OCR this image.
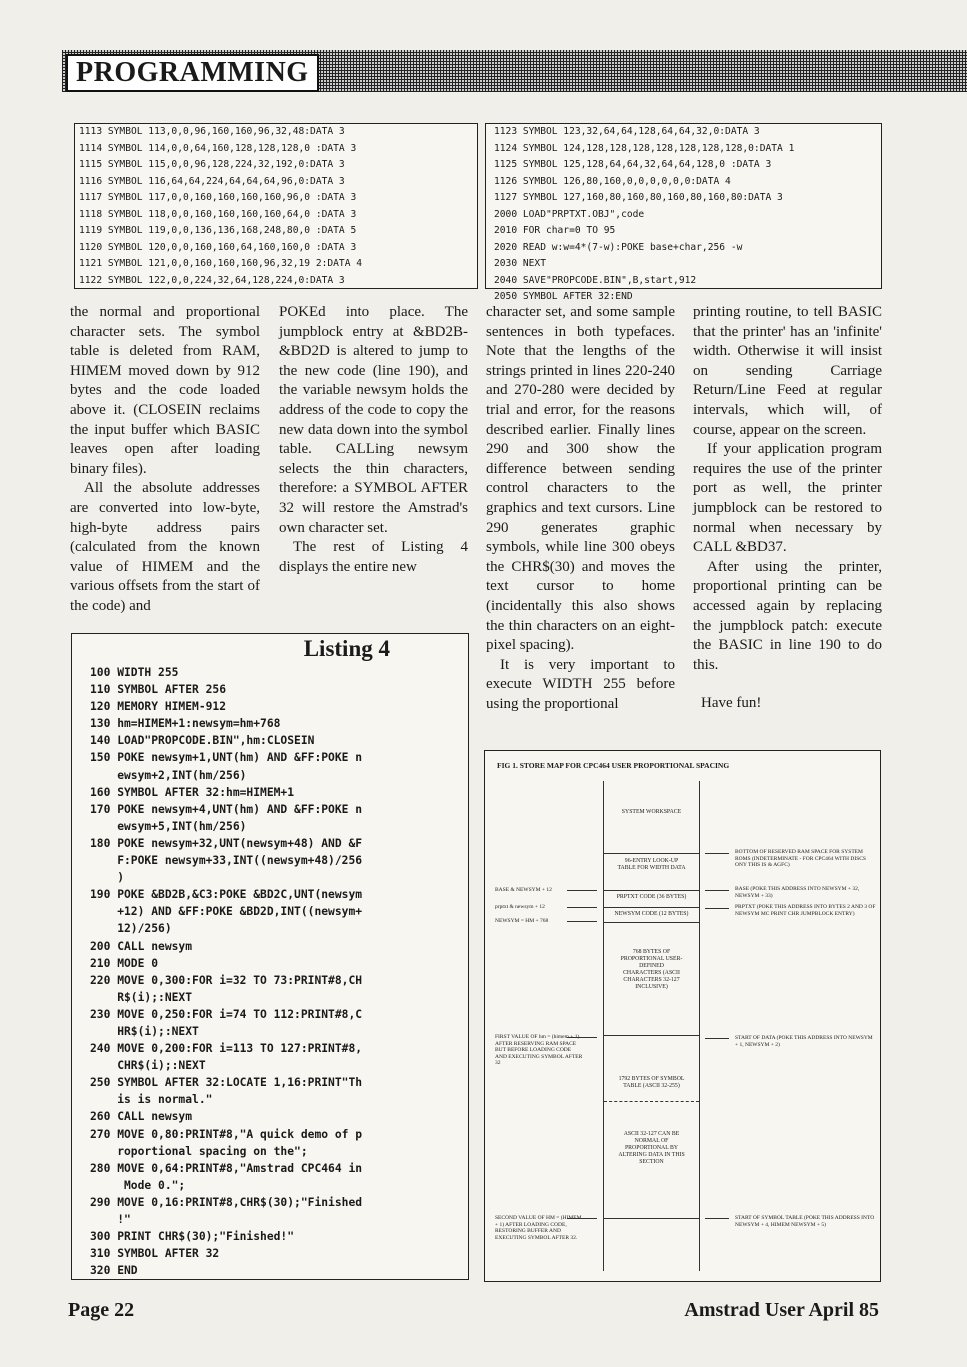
PROGRAMMING
1113 SYMBOL 113,0,0,96,160,160,96,32,48:DATA 3
1114 SYMBOL 114,0,0,64,160,128,128,128,0 :DATA 3
1115 SYMBOL 115,0,0,96,128,224,32,192,0:DATA 3
1116 SYMBOL 116,64,64,224,64,64,64,96,0:DATA 3
1117 SYMBOL 117,0,0,160,160,160,160,96,0 :DATA 3
1118 SYMBOL 118,0,0,160,160,160,160,64,0 :DATA 3
1119 SYMBOL 119,0,0,136,136,168,248,80,0 :DATA 5
1120 SYMBOL 120,0,0,160,160,64,160,160,0 :DATA 3
1121 SYMBOL 121,0,0,160,160,160,96,32,19 2:DATA 4
1122 SYMBOL 122,0,0,224,32,64,128,224,0:DATA 3
1123 SYMBOL 123,32,64,64,128,64,64,32,0:DATA 3
1124 SYMBOL 124,128,128,128,128,128,128,128,0:DATA 1
1125 SYMBOL 125,128,64,64,32,64,64,128,0 :DATA 3
1126 SYMBOL 126,80,160,0,0,0,0,0,0:DATA 4
1127 SYMBOL 127,160,80,160,80,160,80,160,80:DATA 3
2000 LOAD"PRPTXT.OBJ",code
2010 FOR char=0 TO 95
2020 READ w:w=4*(7-w):POKE base+char,256 -w
2030 NEXT
2040 SAVE"PROPCODE.BIN",B,start,912
2050 SYMBOL AFTER 32:END

the normal and proportional character sets. The symbol table is deleted from RAM, HIMEM moved down by 912 bytes and the code loaded above it. (CLOSEIN reclaims the input buffer which BASIC leaves open after loading binary files).

All the absolute addresses are converted into low-byte, high-byte address pairs (calculated from the known value of HIMEM and the various offsets from the start of the code) and

POKEd into place. The jumpblock entry at &BD2B-&BD2D is altered to jump to the new code (line 190), and the variable newsym holds the address of the code to copy the new data down into the symbol table. CALLing newsym selects the thin characters, therefore: a SYMBOL AFTER 32 will restore the Amstrad's own character set.

The rest of Listing 4 displays the entire new

character set, and some sample sentences in both typefaces. Note that the lengths of the strings printed in lines 220-240 and 270-280 were decided by trial and error, for the reasons described earlier. Finally lines 290 and 300 show the difference between sending control characters to the graphics and text cursors. Line 290 generates graphic symbols, while line 300 obeys the CHR$(30) and moves the text cursor to home (incidentally this also shows the thin characters on an eight-pixel spacing).

It is very important to execute WIDTH 255 before using the proportional

printing routine, to tell BASIC that the printer' has an 'infinite' width. Otherwise it will insist on sending Carriage Return/Line Feed at regular intervals, which will, of course, appear on the screen.

If your application program requires the use of the printer port as well, the printer jumpblock can be restored to normal when necessary by CALL &BD37.

After using the printer, proportional printing can be accessed again by replacing the jumpblock patch: execute the BASIC in line 190 to do this.

Have fun!

Listing 4
100 WIDTH 255
110 SYMBOL AFTER 256
120 MEMORY HIMEM-912
130 hm=HIMEM+1:newsym=hm+768
140 LOAD"PROPCODE.BIN",hm:CLOSEIN
150 POKE newsym+1,UNT(hm) AND &FF:POKE n
ewsym+2,INT(hm/256)
160 SYMBOL AFTER 32:hm=HIMEM+1
170 POKE newsym+4,UNT(hm) AND &FF:POKE n
ewsym+5,INT(hm/256)
180 POKE newsym+32,UNT(newsym+48) AND &F
F:POKE newsym+33,INT((newsym+48)/256
)
190 POKE &BD2B,&C3:POKE &BD2C,UNT(newsym
+12) AND &FF:POKE &BD2D,INT((newsym+
12)/256)
200 CALL newsym
210 MODE 0
220 MOVE 0,300:FOR i=32 TO 73:PRINT#8,CH
R$(i);:NEXT
230 MOVE 0,250:FOR i=74 TO 112:PRINT#8,C
HR$(i);:NEXT
240 MOVE 0,200:FOR i=113 TO 127:PRINT#8,
CHR$(i);:NEXT
250 SYMBOL AFTER 32:LOCATE 1,16:PRINT"Th
is is normal."
260 CALL newsym
270 MOVE 0,80:PRINT#8,"A quick demo of p
roportional spacing on the";
280 MOVE 0,64:PRINT#8,"Amstrad CPC464 in
Mode 0.";
290 MOVE 0,16:PRINT#8,CHR$(30);"Finished
!"
300 PRINT CHR$(30);"Finished!"
310 SYMBOL AFTER 32
320 END
FIG 1. STORE MAP FOR CPC464 USER PROPORTIONAL SPACING
SYSTEM WORKSPACE
96-ENTRY LOOK-UP TABLE FOR WIDTH DATA
PRPTXT CODE (36 BYTES)
NEWSYM CODE (12 BYTES)
768 BYTES OF PROPORTIONAL USER-DEFINED CHARACTERS (ASCII CHARACTERS 32-127 INCLUSIVE)
1792 BYTES OF SYMBOL TABLE (ASCII 32-255)
ASCII 32-127 CAN BE NORMAL OF PROPORTIONAL BY ALTERING DATA IN THIS SECTION
BASE & NEWSYM + 12
prptxt & newsym + 12
NEWSYM = HM + 768
FIRST VALUE OF hm = (himem + 1) AFTER RESERVING RAM SPACE BUT BEFORE LOADING CODE AND EXECUTING SYMBOL AFTER 32
SECOND VALUE OF HM = (HIMEM + 1) AFTER LOADING CODE, RESTORING BUFFER AND EXECUTING SYMBOL AFTER 32.
BOTTOM OF RESERVED RAM SPACE FOR SYSTEM ROMS (INDETERMINATE - FOR CPC464 WITH DISCS ONY THIS IS & AGFC)
BASE (POKE THIS ADDRESS INTO NEWSYM + 32, NEWSYM + 33)
PRPTXT (POKE THIS ADDRESS INTO BYTES 2 AND 3 OF NEWSYM MC PRINT CHR JUMPBLOCK ENTRY)
START OF DATA (POKE THIS ADDRESS INTO NEWSYM + 1, NEWSYM + 2)
START OF SYMBOL TABLE (POKE THIS ADDRESS INTO NEWSYM + 4, HIMEM NEWSYM + 5)
Page 22	Amstrad User April 85
